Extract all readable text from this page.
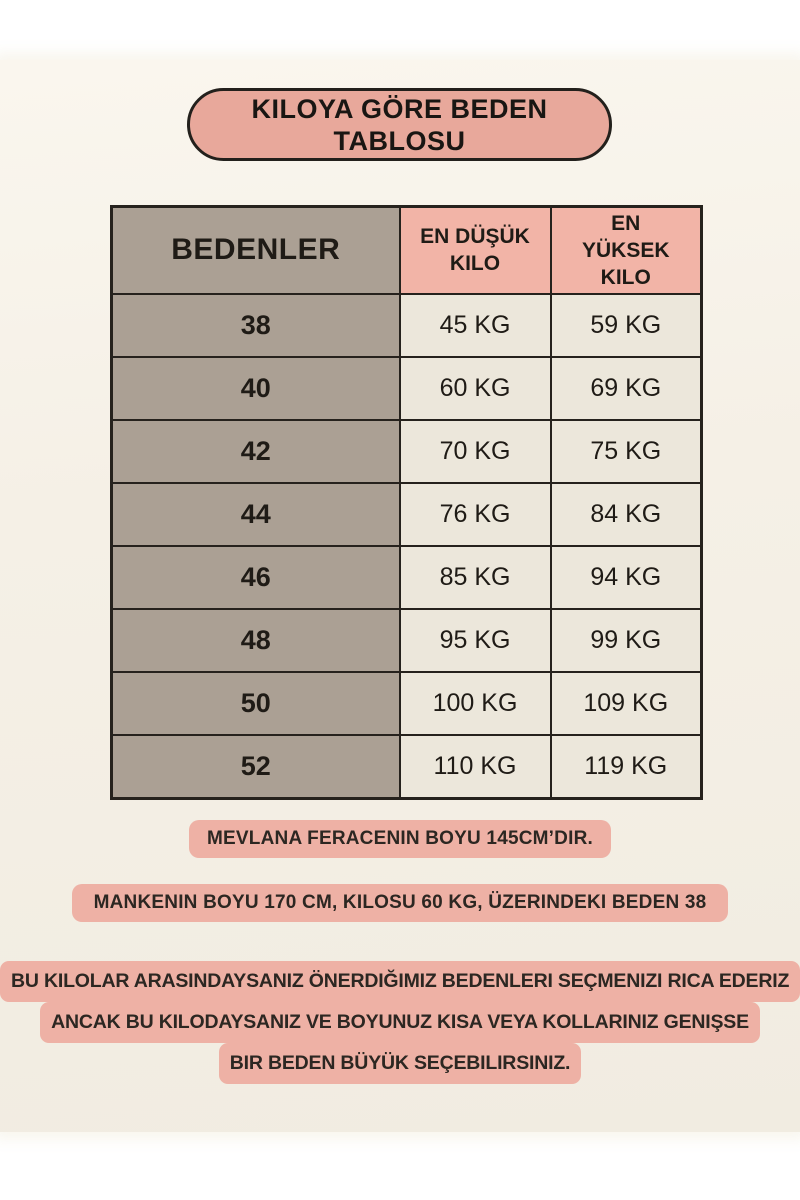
KILOYA GÖRE BEDEN
TABLOSU
BEDENLER	EN DÜŞÜK KILO	EN YÜKSEK KILO
38	45 KG	59 KG
40	60 KG	69 KG
42	70 KG	75 KG
44	76 KG	84 KG
46	85 KG	94 KG
48	95 KG	99 KG
50	100 KG	109 KG
52	110 KG	119 KG
MEVLANA FERACENIN BOYU 145CM’DIR.
MANKENIN BOYU 170 CM, KILOSU 60 KG, ÜZERINDEKI BEDEN 38
BU KILOLAR ARASINDAYSANIZ ÖNERDIĞIMIZ BEDENLERI SEÇMENIZI RICA EDERIZ
ANCAK BU KILODAYSANIZ VE BOYUNUZ KISA VEYA KOLLARINIZ GENIŞSE
BIR BEDEN BÜYÜK SEÇEBILIRSINIZ.
